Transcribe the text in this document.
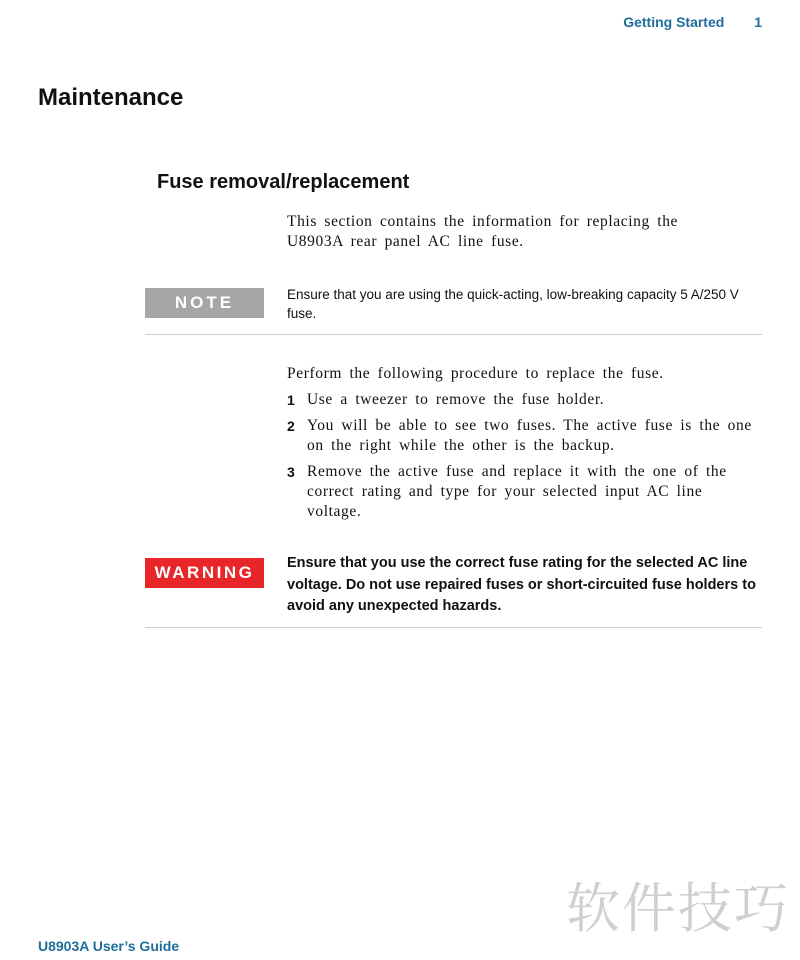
Getting Started 1
Maintenance
Fuse removal/replacement

This section contains the information for replacing the U8903A rear panel AC line fuse.

NOTE	Ensure that you are using the quick-acting, low-breaking capacity 5 A/250 V fuse.

Perform the following procedure to replace the fuse.

1 Use a tweezer to remove the fuse holder.
2 You will be able to see two fuses. The active fuse is the one on the right while the other is the backup.
3 Remove the active fuse and replace it with the one of the correct rating and type for your selected input AC line voltage.
WARNING	Ensure that you use the correct fuse rating for the selected AC line voltage. Do not use repaired fuses or short-circuited fuse holders to avoid any unexpected hazards.

U8903A User’s Guide
软件技巧
